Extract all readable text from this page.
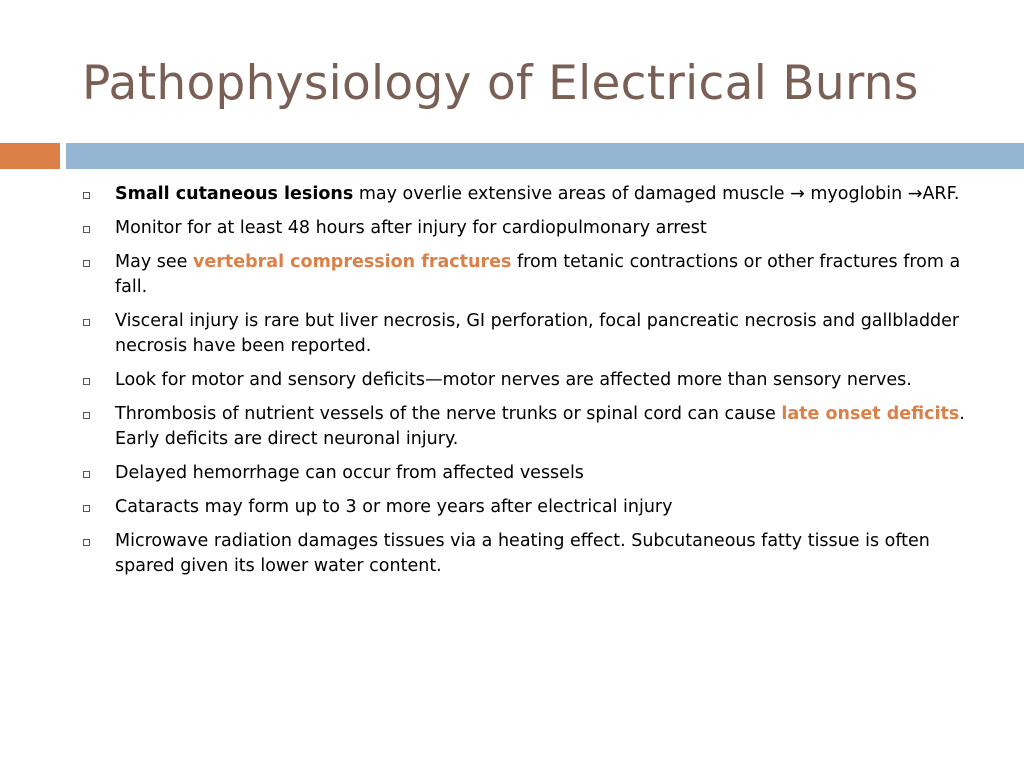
Pathophysiology of Electrical Burns
Small cutaneous lesions may overlie extensive areas of damaged muscle → myoglobin →ARF.
Monitor for at least 48 hours after injury for cardiopulmonary arrest
May see vertebral compression fractures from tetanic contractions or other fractures from a fall.
Visceral injury is rare but liver necrosis, GI perforation, focal pancreatic necrosis and gallbladder necrosis have been reported.
Look for motor and sensory deficits—motor nerves are affected more than sensory nerves.
Thrombosis of nutrient vessels of the nerve trunks or spinal cord can cause late onset deficits. Early deficits are direct neuronal injury.
Delayed hemorrhage can occur from affected vessels
Cataracts may form up to 3 or more years after electrical injury
Microwave radiation damages tissues via a heating effect. Subcutaneous fatty tissue is often spared given its lower water content.
